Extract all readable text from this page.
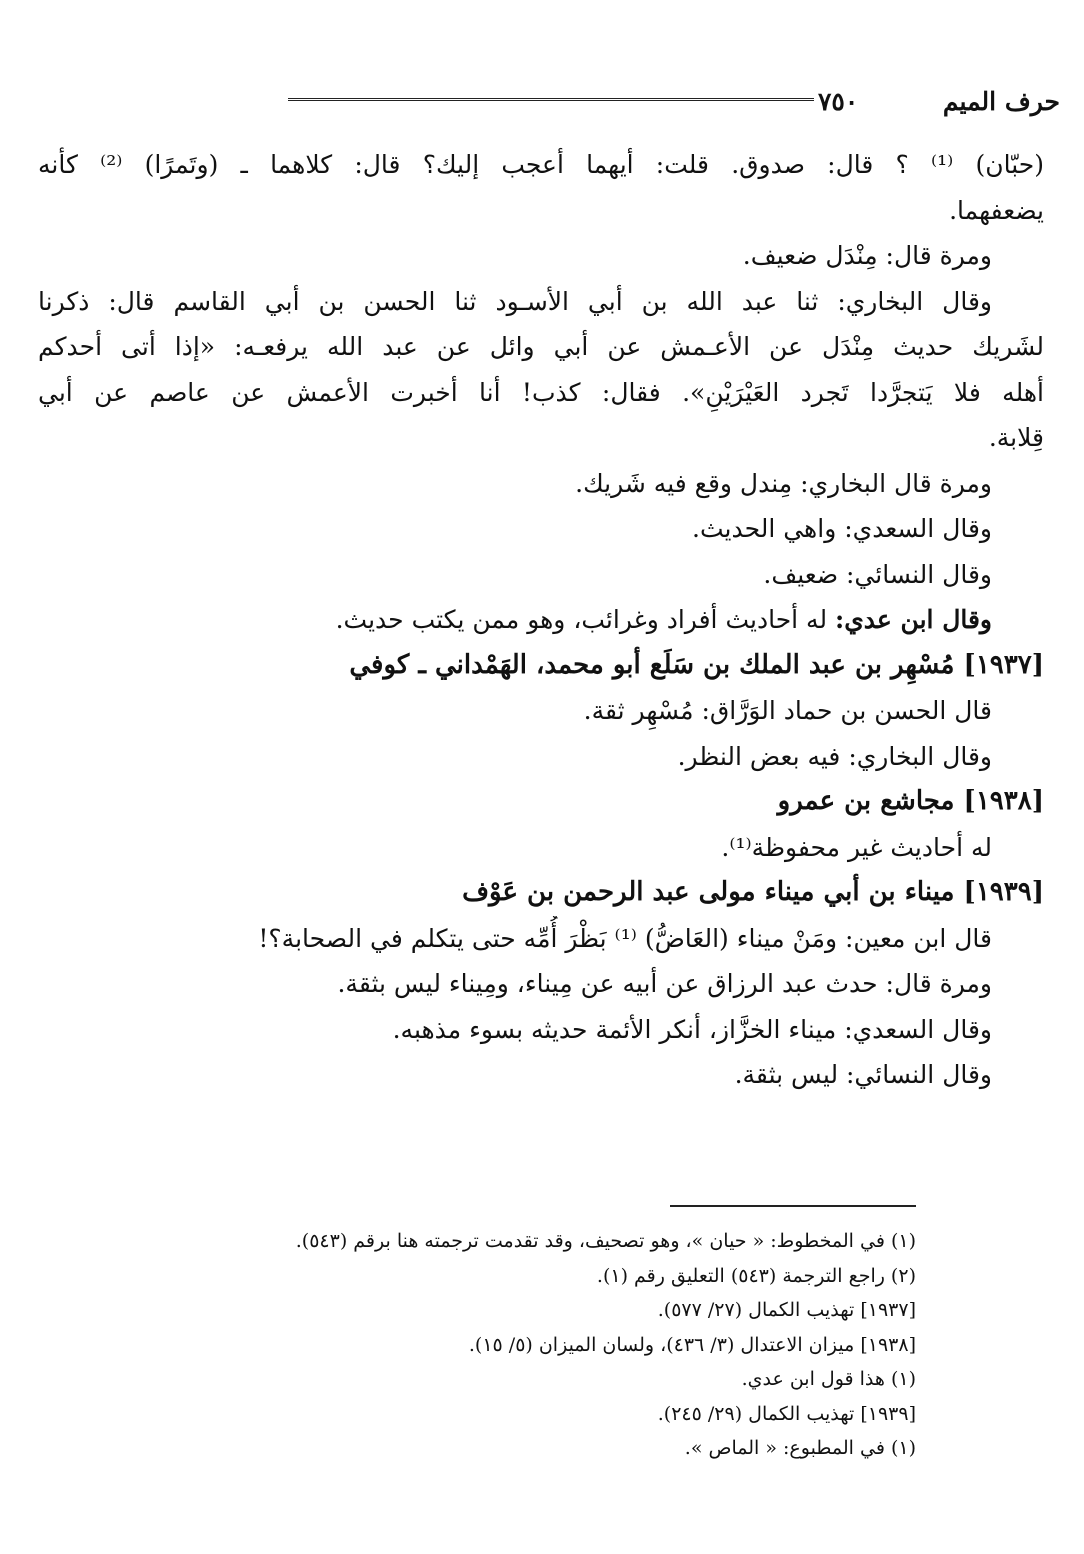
حرف الميم
٧٥٠
(حبّان) ⁽¹⁾ ؟ قال: صدوق. قلت: أيهما أعجب إليك؟ قال: كلاهما ـ (وتَمرًا) ⁽²⁾ كأنه
يضعفهما.
ومرة قال: مِنْدَل ضعيف.
وقال البخاري: ثنا عبد الله بن أبي الأسـود ثنا الحسن بن أبي القاسم قال: ذكرنا
لشَريك حديث مِنْدَل عن الأعـمش عن أبي وائل عن عبد الله يرفعـه: «إذا أتى أحدكم
أهله فلا يَتجرَّدا تَجرد العَيْرَيْنِ». فقال: كذب! أنا أخبرت الأعمش عن عاصم عن أبي
قِلابة.
ومرة قال البخاري: مِندل وقع فيه شَريك.
وقال السعدي: واهي الحديث.
وقال النسائي: ضعيف.
وقال ابن عدي: له أحاديث أفراد وغرائب، وهو ممن يكتب حديث.
[١٩٣٧] مُسْهِر بن عبد الملك بن سَلَع أبو محمد، الهَمْداني ـ كوفي
قال الحسن بن حماد الوَرَّاق: مُسْهِر ثقة.
وقال البخاري: فيه بعض النظر.
[١٩٣٨] مجاشع بن عمرو
له أحاديث غير محفوظة⁽¹⁾.
[١٩٣٩] ميناء بن أبي ميناء مولى عبد الرحمن بن عَوْف
قال ابن معين: ومَنْ ميناء (العَاضُّ) ⁽¹⁾ بَظْرَ أُمِّه حتى يتكلم في الصحابة؟!
ومرة قال: حدث عبد الرزاق عن أبيه عن مِيناء، ومِيناء ليس بثقة.
وقال السعدي: ميناء الخزَّاز، أنكر الأئمة حديثه بسوء مذهبه.
وقال النسائي: ليس بثقة.
(١) في المخطوط: « حيان »، وهو تصحيف، وقد تقدمت ترجمته هنا برقم (٥٤٣).
(٢) راجع الترجمة (٥٤٣) التعليق رقم (١).
[١٩٣٧] تهذيب الكمال (٢٧/ ٥٧٧).
[١٩٣٨] ميزان الاعتدال (٣/ ٤٣٦)، ولسان الميزان (٥/ ١٥).
(١) هذا قول ابن عدي.
[١٩٣٩] تهذيب الكمال (٢٩/ ٢٤٥).
(١) في المطبوع: « الماص ».
